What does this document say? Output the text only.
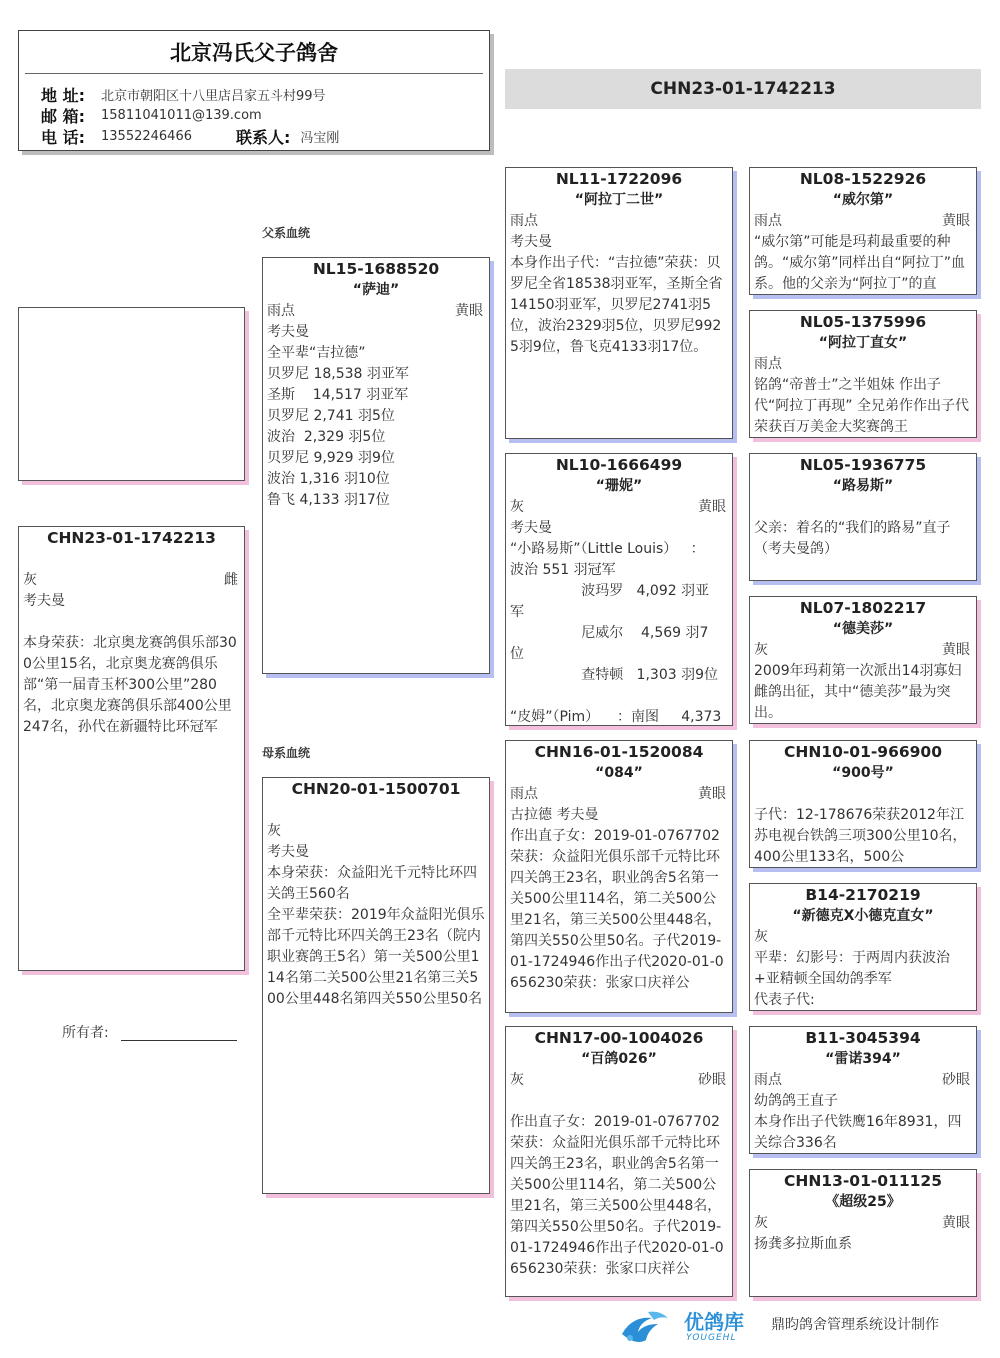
北京冯氏父子鸽舍
地 址:	北京市朝阳区十八里店吕家五斗村99号
邮 箱:	15811041011@139.com
电 话:	13552246466	联系人: 冯宝刚
CHN23-01-1742213
CHN23-01-1742213
灰	雌
考夫曼
本身荣获：北京奥龙赛鸽俱乐部300公里15名，北京奥龙赛鸽俱乐部“第一届青玉杯300公里”280名，北京奥龙赛鸽俱乐部400公里247名，孙代在新疆特比环冠军
所有者:
父系血统
母系血统
NL15-1688520
“萨迪”
雨点	黄眼
考夫曼
全平辈“吉拉德”
贝罗尼 18,538 羽亚军
圣斯    14,517 羽亚军
贝罗尼 2,741 羽5位
波治  2,329 羽5位
贝罗尼 9,929 羽9位
波治 1,316 羽10位
鲁飞 4,133 羽17位
CHN20-01-1500701
灰
考夫曼
本身荣获：众益阳光千元特比环四关鸽王560名
全平辈荣获：2019年众益阳光俱乐部千元特比环四关鸽王23名（院内职业赛鸽王5名）第一关500公里114名第二关500公里21名第三关500公里448名第四关550公里50名
NL11-1722096
“阿拉丁二世”
雨点
考夫曼
本身作出子代：“吉拉德”荣获：贝罗尼全省18538羽亚军，圣斯全省14150羽亚军，贝罗尼2741羽5位，波治2329羽5位，贝罗尼9925羽9位，鲁飞克4133羽17位。
NL10-1666499
“珊妮”
灰	黄眼
考夫曼
“小路易斯”（Little Louis）   ：
波治 551 羽冠军
波玛罗   4,092 羽亚
军
尼威尔    4,569 羽7
位
查特顿   1,303 羽9位
“皮姆”（Pim）    ：南图     4,373
CHN16-01-1520084
“084”
雨点	黄眼
古拉德 考夫曼
作出直子女：2019-01-0767702荣获：众益阳光俱乐部千元特比环四关鸽王23名，职业鸽舍5名第一关500公里114名，第二关500公里21名，第三关500公里448名，第四关550公里50名。子代2019-01-1724946作出子代2020-01-0656230荣获：张家口庆祥公
CHN17-00-1004026
“百鸽026”
灰	砂眼
作出直子女：2019-01-0767702荣获：众益阳光俱乐部千元特比环四关鸽王23名，职业鸽舍5名第一关500公里114名，第二关500公里21名，第三关500公里448名，第四关550公里50名。子代2019-01-1724946作出子代2020-01-0656230荣获：张家口庆祥公
NL08-1522926
“威尔第”
雨点	黄眼
“威尔第”可能是玛莉最重要的种鸽。“威尔第”同样出自“阿拉丁”血系。他的父亲为“阿拉丁”的直
NL05-1375996
“阿拉丁直女”
雨点
铭鸽“帝普士”之半姐妹 作出子代“阿拉丁再现” 全兄弟作作出子代荣获百万美金大奖赛鸽王
NL05-1936775
“路易斯”
父亲：着名的“我们的路易”直子（考夫曼鸽）
NL07-1802217
“德美莎”
灰	黄眼
2009年玛莉第一次派出14羽寡妇雌鸽出征，其中“德美莎”最为突出。
CHN10-01-966900
“900号”
子代：12-178676荣获2012年江苏电视台铁鸽三项300公里10名，400公里133名，500公
B14-2170219
“新德克X小德克直女”
灰
平辈：幻影号：于两周内获波治+亚精顿全国幼鸽季军
代表子代:
B11-3045394
“雷诺394”
雨点	砂眼
幼鸽鸽王直子
本身作出子代铁鹰16年8931，四关综合336名
CHN13-01-011125
《超级25》
灰	黄眼
扬龚多拉斯血系
优鸽库
YOUGEHL
鼎昀鸽舍管理系统设计制作
